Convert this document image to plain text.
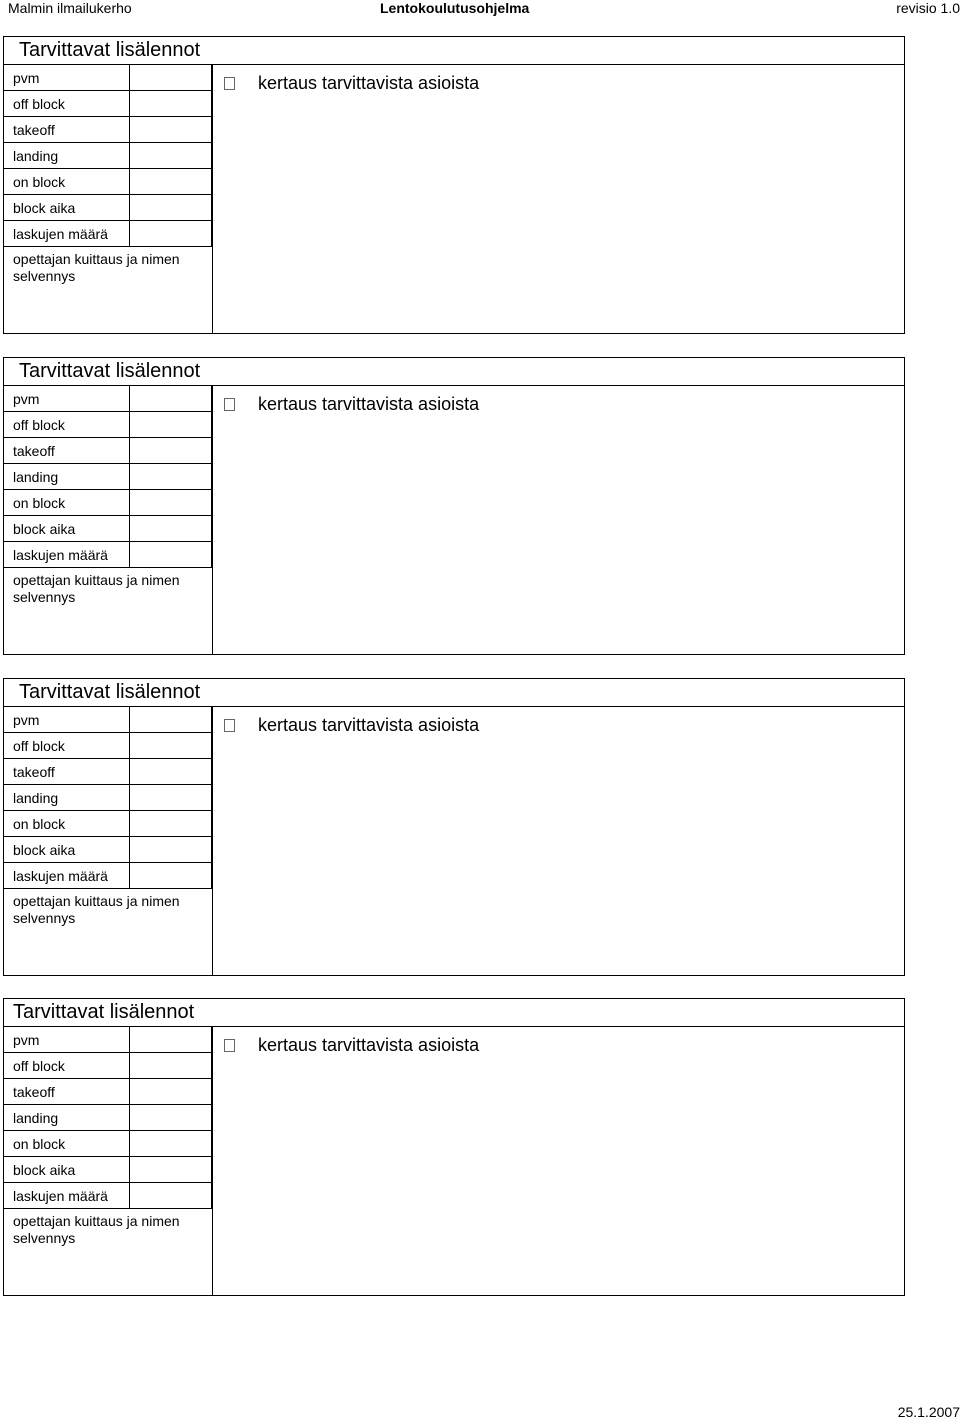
Malmin ilmailukerho	Lentokoulutusohjelma	revisio 1.0
Tarvittavat lisälennot
pvm
off block
takeoff
landing
on block
block aika
laskujen määrä
opettajan kuittaus ja nimen selvennys
kertaus tarvittavista asioista
Tarvittavat lisälennot
pvm
off block
takeoff
landing
on block
block aika
laskujen määrä
opettajan kuittaus ja nimen selvennys
kertaus tarvittavista asioista
Tarvittavat lisälennot
pvm
off block
takeoff
landing
on block
block aika
laskujen määrä
opettajan kuittaus ja nimen selvennys
kertaus tarvittavista asioista
Tarvittavat lisälennot
pvm
off block
takeoff
landing
on block
block aika
laskujen määrä
opettajan kuittaus ja nimen selvennys
kertaus tarvittavista asioista
25.1.2007
